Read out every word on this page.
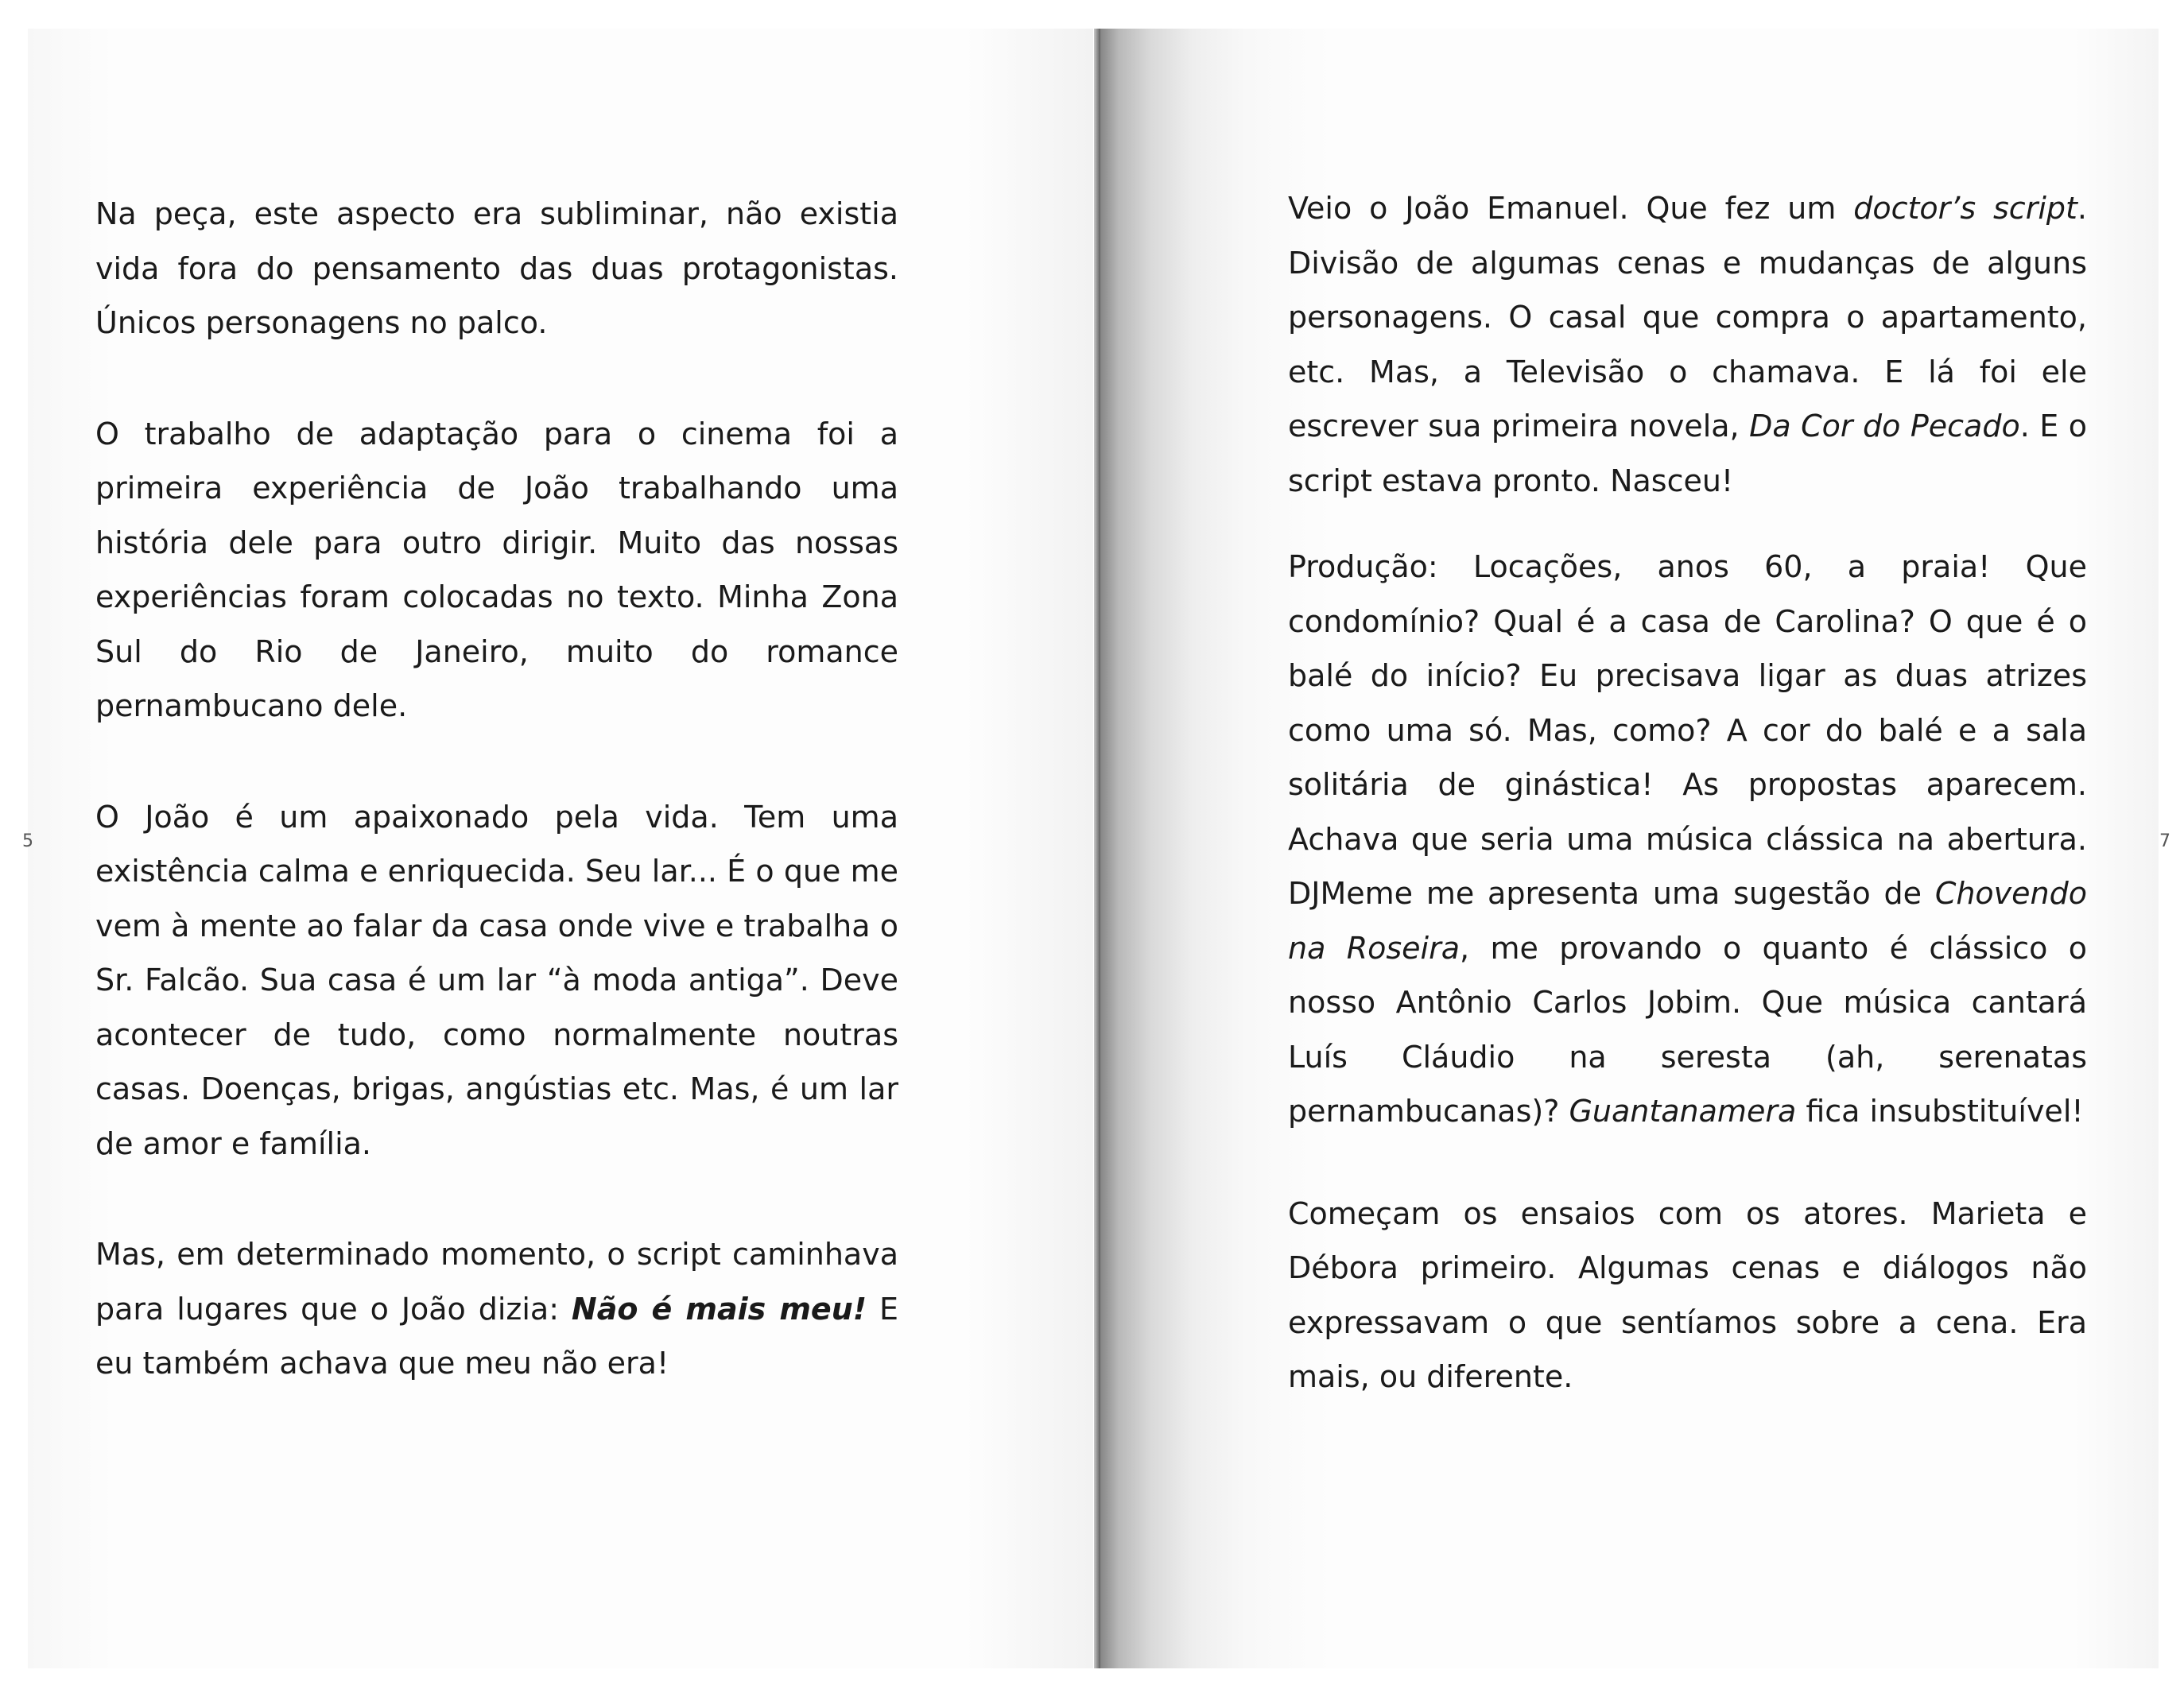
5	7

Na peça, este aspecto era subliminar, não existia vida fora do pensamento das duas protagonistas. Únicos personagens no palco.

O trabalho de adaptação para o cinema foi a primeira experiência de João trabalhando uma história dele para outro dirigir. Muito das nossas experiências foram colocadas no texto. Minha Zona Sul do Rio de Janeiro, muito do romance pernambucano dele.

O João é um apaixonado pela vida. Tem uma existência calma e enriquecida. Seu lar... É o que me vem à mente ao falar da casa onde vive e trabalha o Sr. Falcão. Sua casa é um lar “à moda antiga”. Deve acontecer de tudo, como normalmente noutras casas. Doenças, brigas, angústias etc. Mas, é um lar de amor e família.

Mas, em determinado momento, o script caminhava para lugares que o João dizia: Não é mais meu! E eu também achava que meu não era!

Veio o João Emanuel. Que fez um doctor’s script. Divisão de algumas cenas e mudanças de alguns personagens. O casal que compra o apartamento, etc. Mas, a Televisão o chamava. E lá foi ele escrever sua primeira novela, Da Cor do Pecado. E o script estava pronto. Nasceu!

Produção: Locações, anos 60, a praia! Que condomínio? Qual é a casa de Carolina? O que é o balé do início? Eu precisava ligar as duas atrizes como uma só. Mas, como? A cor do balé e a sala solitária de ginástica! As propostas aparecem. Achava que seria uma música clássica na abertura. DJMeme me apresenta uma sugestão de Chovendo na Roseira, me provando o quanto é clássico o nosso Antônio Carlos Jobim. Que música cantará Luís Cláudio na seresta (ah, serenatas pernambucanas)? Guantanamera fica insubstituível!

Começam os ensaios com os atores. Marieta e Débora primeiro. Algumas cenas e diálogos não expressavam o que sentíamos sobre a cena. Era mais, ou diferente.
